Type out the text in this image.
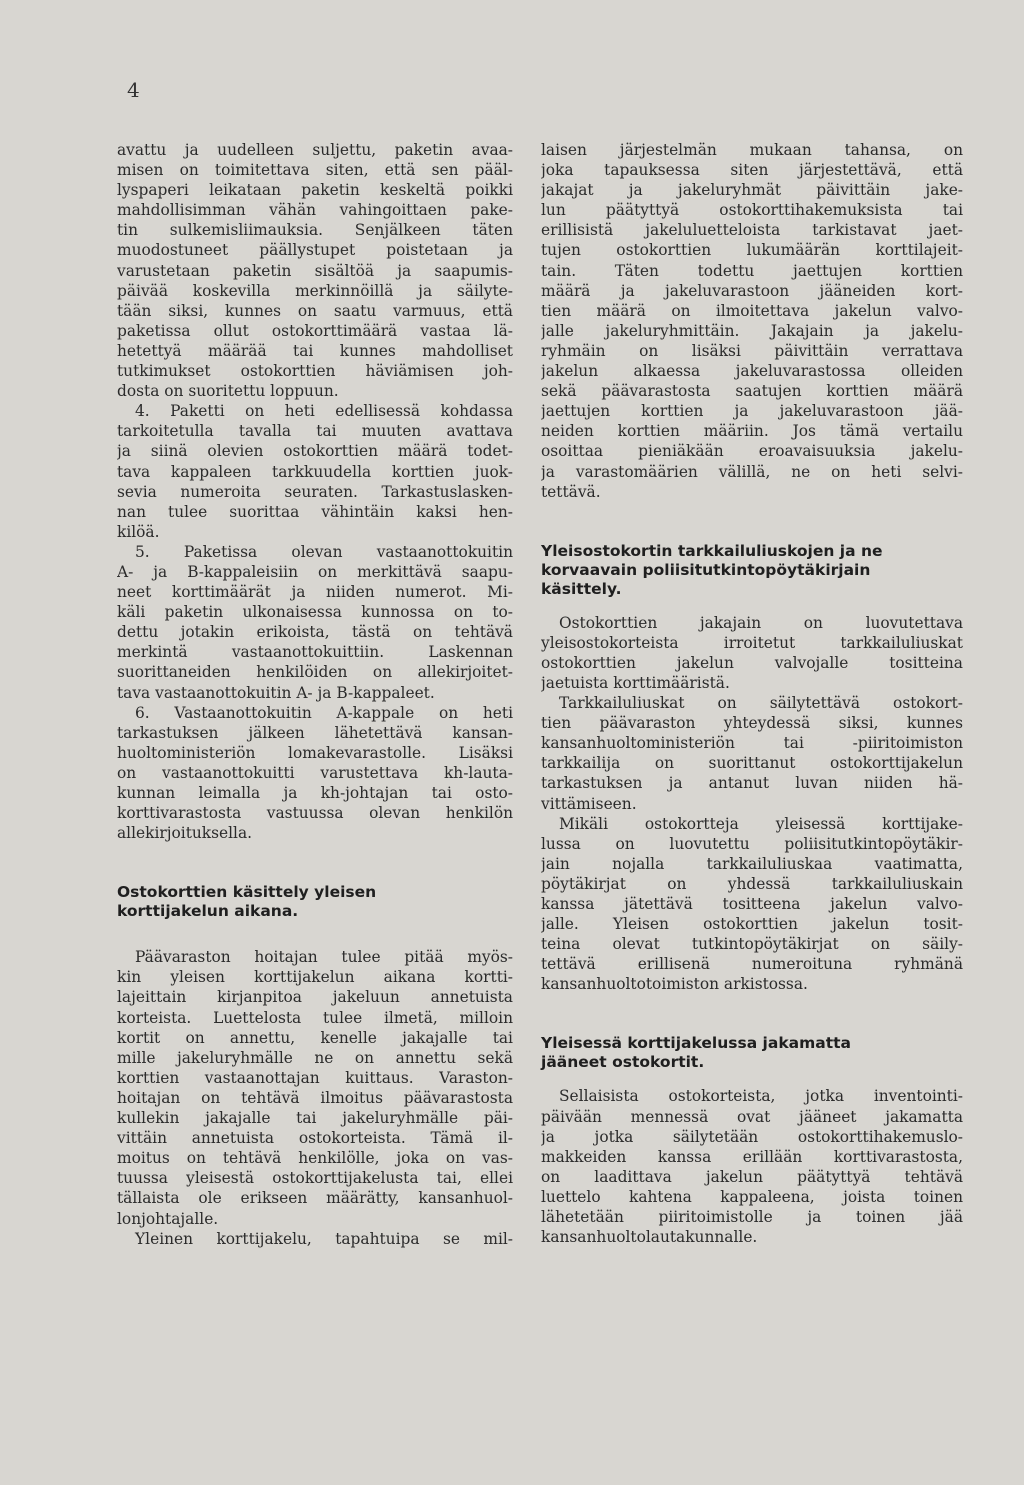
4
avattu ja uudelleen suljettu, paketin avaa-
misen on toimitettava siten, että sen pääl-
lyspaperi leikataan paketin keskeltä poikki
mahdollisimman vähän vahingoittaen pake-
tin sulkemisliimauksia. Senjälkeen täten
muodostuneet päällystupet poistetaan ja
varustetaan paketin sisältöä ja saapumis-
päivää koskevilla merkinnöillä ja säilyte-
tään siksi, kunnes on saatu varmuus, että
paketissa ollut ostokorttimäärä vastaa lä-
hetettyä määrää tai kunnes mahdolliset
tutkimukset ostokorttien häviämisen joh-
dosta on suoritettu loppuun.
4. Paketti on heti edellisessä kohdassa
tarkoitetulla tavalla tai muuten avattava
ja siinä olevien ostokorttien määrä todet-
tava kappaleen tarkkuudella korttien juok-
sevia numeroita seuraten. Tarkastuslasken-
nan tulee suorittaa vähintäin kaksi hen-
kilöä.
5. Paketissa olevan vastaanottokuitin
A- ja B-kappaleisiin on merkittävä saapu-
neet korttimäärät ja niiden numerot. Mi-
käli paketin ulkonaisessa kunnossa on to-
dettu jotakin erikoista, tästä on tehtävä
merkintä vastaanottokuittiin. Laskennan
suorittaneiden henkilöiden on allekirjoitet-
tava vastaanottokuitin A- ja B-kappaleet.
6. Vastaanottokuitin A-kappale on heti
tarkastuksen jälkeen lähetettävä kansan-
huoltoministeriön lomakevarastolle. Lisäksi
on vastaanottokuitti varustettava kh-lauta-
kunnan leimalla ja kh-johtajan tai osto-
korttivarastosta vastuussa olevan henkilön
allekirjoituksella.
Ostokorttien käsittely yleisen
korttijakelun aikana.
Päävaraston hoitajan tulee pitää myös-
kin yleisen korttijakelun aikana kortti-
lajeittain kirjanpitoa jakeluun annetuista
korteista. Luettelosta tulee ilmetä, milloin
kortit on annettu, kenelle jakajalle tai
mille jakeluryhmälle ne on annettu sekä
korttien vastaanottajan kuittaus. Varaston-
hoitajan on tehtävä ilmoitus päävarastosta
kullekin jakajalle tai jakeluryhmälle päi-
vittäin annetuista ostokorteista. Tämä il-
moitus on tehtävä henkilölle, joka on vas-
tuussa yleisestä ostokorttijakelusta tai, ellei
tällaista ole erikseen määrätty, kansanhuol-
lonjohtajalle.
Yleinen korttijakelu, tapahtuipa se mil-
laisen järjestelmän mukaan tahansa, on
joka tapauksessa siten järjestettävä, että
jakajat ja jakeluryhmät päivittäin jake-
lun päätyttyä ostokorttihakemuksista tai
erillisistä jakeluluetteloista tarkistavat jaet-
tujen ostokorttien lukumäärän korttilajeit-
tain. Täten todettu jaettujen korttien
määrä ja jakeluvarastoon jääneiden kort-
tien määrä on ilmoitettava jakelun valvo-
jalle jakeluryhmittäin. Jakajain ja jakelu-
ryhmäin on lisäksi päivittäin verrattava
jakelun alkaessa jakeluvarastossa olleiden
sekä päävarastosta saatujen korttien määrä
jaettujen korttien ja jakeluvarastoon jää-
neiden korttien määriin. Jos tämä vertailu
osoittaa pieniäkään eroavaisuuksia jakelu-
ja varastomäärien välillä, ne on heti selvi-
tettävä.
Yleisostokortin tarkkailuliuskojen ja ne
korvaavain poliisitutkintopöytäkirjain
käsittely.
Ostokorttien jakajain on luovutettava
yleisostokorteista irroitetut tarkkailuliuskat
ostokorttien jakelun valvojalle tositteina
jaetuista korttimääristä.
Tarkkailuliuskat on säilytettävä ostokort-
tien päävaraston yhteydessä siksi, kunnes
kansanhuoltoministeriön tai -piiritoimiston
tarkkailija on suorittanut ostokorttijakelun
tarkastuksen ja antanut luvan niiden hä-
vittämiseen.
Mikäli ostokortteja yleisessä korttijake-
lussa on luovutettu poliisitutkintopöytäkir-
jain nojalla tarkkailuliuskaa vaatimatta,
pöytäkirjat on yhdessä tarkkailuliuskain
kanssa jätettävä tositteena jakelun valvo-
jalle. Yleisen ostokorttien jakelun tosit-
teina olevat tutkintopöytäkirjat on säily-
tettävä erillisenä numeroituna ryhmänä
kansanhuoltotoimiston arkistossa.
Yleisessä korttijakelussa jakamatta
jääneet ostokortit.
Sellaisista ostokorteista, jotka inventointi-
päivään mennessä ovat jääneet jakamatta
ja jotka säilytetään ostokorttihakemuslo-
makkeiden kanssa erillään korttivarastosta,
on laadittava jakelun päätyttyä tehtävä
luettelo kahtena kappaleena, joista toinen
lähetetään piiritoimistolle ja toinen jää
kansanhuoltolautakunnalle.
